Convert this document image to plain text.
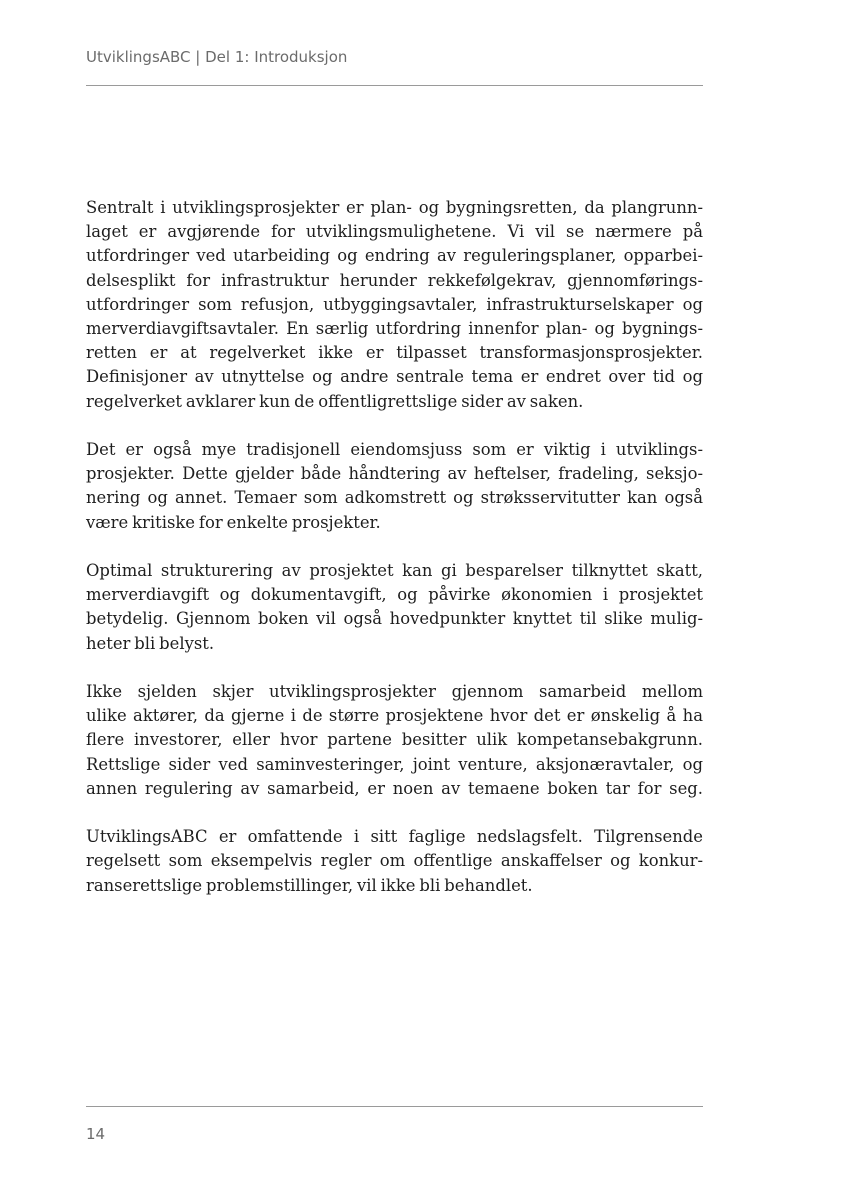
UtviklingsABC | Del 1: Introduksjon

Sentralt i utviklingsprosjekter er plan- og bygningsretten, da plangrunn-
laget er avgjørende for utviklingsmulighetene. Vi vil se nærmere på
utfordringer ved utarbeiding og endring av reguleringsplaner, opparbei-
delsesplikt for infrastruktur herunder rekkefølgekrav, gjennomførings-
utfordringer som refusjon, utbyggingsavtaler, infrastrukturselskaper og
merverdiavgiftsavtaler. En særlig utfordring innenfor plan- og bygnings-
retten er at regelverket ikke er tilpasset transformasjonsprosjekter.
Definisjoner av utnyttelse og andre sentrale tema er endret over tid og
regelverket avklarer kun de offentligrettslige sider av saken.

Det er også mye tradisjonell eiendomsjuss som er viktig i utviklings-
prosjekter. Dette gjelder både håndtering av heftelser, fradeling, seksjo-
nering og annet. Temaer som adkomstrett og strøksservitutter kan også
være kritiske for enkelte prosjekter.

Optimal strukturering av prosjektet kan gi besparelser tilknyttet skatt,
merverdiavgift og dokumentavgift, og påvirke økonomien i prosjektet
betydelig. Gjennom boken vil også hovedpunkter knyttet til slike mulig-
heter bli belyst.

Ikke sjelden skjer utviklingsprosjekter gjennom samarbeid mellom
ulike aktører, da gjerne i de større prosjektene hvor det er ønskelig å ha
flere investorer, eller hvor partene besitter ulik kompetansebakgrunn.
Rettslige sider ved saminvesteringer, joint venture, aksjonæravtaler, og
annen regulering av samarbeid, er noen av temaene boken tar for seg.

UtviklingsABC er omfattende i sitt faglige nedslagsfelt. Tilgrensende
regelsett som eksempelvis regler om offentlige anskaffelser og konkur-
ranserettslige problemstillinger, vil ikke bli behandlet.

14
